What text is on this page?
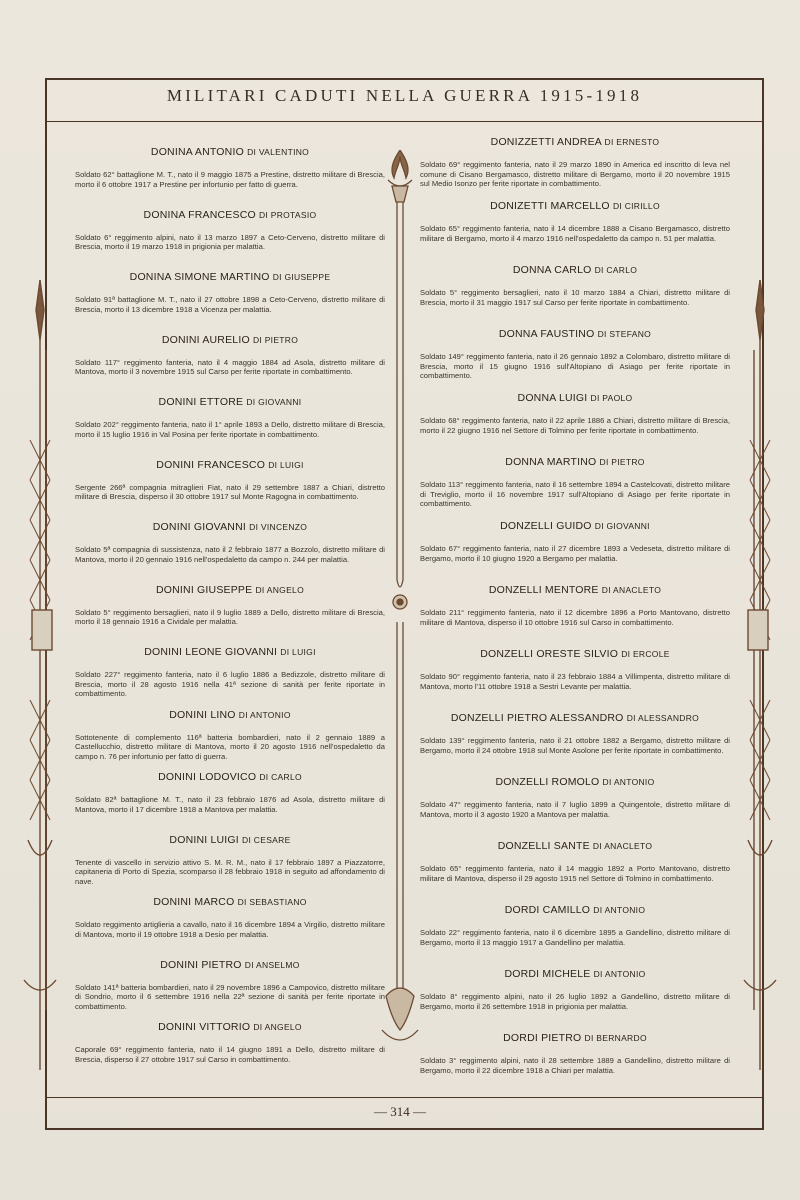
MILITARI CADUTI NELLA GUERRA 1915-1918
DONINA ANTONIO DI VALENTINO
Soldato 62° battaglione M. T., nato il 9 maggio 1875 a Prestine, distretto militare di Brescia, morto il 6 ottobre 1917 a Prestine per infortunio per fatto di guerra.
DONINA FRANCESCO DI PROTASIO
Soldato 6° reggimento alpini, nato il 13 marzo 1897 a Ceto-Cerveno, distretto militare di Brescia, morto il 19 marzo 1918 in prigionia per malattia.
DONINA SIMONE MARTINO DI GIUSEPPE
Soldato 91ª battaglione M. T., nato il 27 ottobre 1898 a Ceto-Cerveno, distretto militare di Brescia, morto il 13 dicembre 1918 a Vicenza per malattia.
DONINI AURELIO DI PIETRO
Soldato 117° reggimento fanteria, nato il 4 maggio 1884 ad Asola, distretto militare di Mantova, morto il 3 novembre 1915 sul Carso per ferite riportate in combattimento.
DONINI ETTORE DI GIOVANNI
Soldato 202° reggimento fanteria, nato il 1° aprile 1893 a Dello, distretto militare di Brescia, morto il 15 luglio 1916 in Val Posina per ferite riportate in combattimento.
DONINI FRANCESCO DI LUIGI
Sergente 266ª compagnia mitraglieri Fiat, nato il 29 settembre 1887 a Chiari, distretto militare di Brescia, disperso il 30 ottobre 1917 sul Monte Ragogna in combattimento.
DONINI GIOVANNI DI VINCENZO
Soldato 5ª compagnia di sussistenza, nato il 2 febbraio 1877 a Bozzolo, distretto militare di Mantova, morto il 20 gennaio 1916 nell'ospedaletto da campo n. 244 per malattia.
DONINI GIUSEPPE DI ANGELO
Soldato 5° reggimento bersaglieri, nato il 9 luglio 1889 a Dello, distretto militare di Brescia, morto il 18 gennaio 1916 a Cividale per malattia.
DONINI LEONE GIOVANNI DI LUIGI
Soldato 227° reggimento fanteria, nato il 6 luglio 1886 a Bedizzole, distretto militare di Brescia, morto il 28 agosto 1916 nella 41ª sezione di sanità per ferite riportate in combattimento.
DONINI LINO DI ANTONIO
Sottotenente di complemento 116ª batteria bombardieri, nato il 2 gennaio 1889 a Castellucchio, distretto militare di Mantova, morto il 20 agosto 1916 nell'ospedaletto da campo n. 76 per infortunio per fatto di guerra.
DONINI LODOVICO DI CARLO
Soldato 82ª battaglione M. T., nato il 23 febbraio 1876 ad Asola, distretto militare di Mantova, morto il 17 dicembre 1918 a Mantova per malattia.
DONINI LUIGI DI CESARE
Tenente di vascello in servizio attivo S. M. R. M., nato il 17 febbraio 1897 a Piazzatorre, capitaneria di Porto di Spezia, scomparso il 28 febbraio 1918 in seguito ad affondamento di nave.
DONINI MARCO DI SEBASTIANO
Soldato reggimento artiglieria a cavallo, nato il 16 dicembre 1894 a Virgilio, distretto militare di Mantova, morto il 19 ottobre 1918 a Desio per malattia.
DONINI PIETRO DI ANSELMO
Soldato 141ª batteria bombardieri, nato il 29 novembre 1896 a Campovico, distretto militare di Sondrio, morto il 6 settembre 1916 nella 22ª sezione di sanità per ferite riportate in combattimento.
DONINI VITTORIO DI ANGELO
Caporale 69° reggimento fanteria, nato il 14 giugno 1891 a Dello, distretto militare di Brescia, disperso il 27 ottobre 1917 sul Carso in combattimento.
DONIZZETTI ANDREA DI ERNESTO
Soldato 69° reggimento fanteria, nato il 29 marzo 1890 in America ed inscritto di leva nel comune di Cisano Bergamasco, distretto militare di Bergamo, morto il 20 novembre 1915 sul Medio Isonzo per ferite riportate in combattimento.
DONIZETTI MARCELLO DI CIRILLO
Soldato 65° reggimento fanteria, nato il 14 dicembre 1888 a Cisano Bergamasco, distretto militare di Bergamo, morto il 4 marzo 1916 nell'ospedaletto da campo n. 51 per malattia.
DONNA CARLO DI CARLO
Soldato 5° reggimento bersaglieri, nato il 10 marzo 1884 a Chiari, distretto militare di Brescia, morto il 31 maggio 1917 sul Carso per ferite riportate in combattimento.
DONNA FAUSTINO DI STEFANO
Soldato 149° reggimento fanteria, nato il 26 gennaio 1892 a Colombaro, distretto militare di Brescia, morto il 15 giugno 1916 sull'Altopiano di Asiago per ferite riportate in combattimento.
DONNA LUIGI DI PAOLO
Soldato 68° reggimento fanteria, nato il 22 aprile 1886 a Chiari, distretto militare di Brescia, morto il 22 giugno 1916 nel Settore di Tolmino per ferite riportate in combattimento.
DONNA MARTINO DI PIETRO
Soldato 113° reggimento fanteria, nato il 16 settembre 1894 a Castelcovati, distretto militare di Treviglio, morto il 16 novembre 1917 sull'Altopiano di Asiago per ferite riportate in combattimento.
DONZELLI GUIDO DI GIOVANNI
Soldato 67° reggimento fanteria, nato il 27 dicembre 1893 a Vedeseta, distretto militare di Bergamo, morto il 10 giugno 1920 a Bergamo per malattia.
DONZELLI MENTORE DI ANACLETO
Soldato 211° reggimento fanteria, nato il 12 dicembre 1896 a Porto Mantovano, distretto militare di Mantova, disperso il 10 ottobre 1916 sul Carso in combattimento.
DONZELLI ORESTE SILVIO DI ERCOLE
Soldato 90° reggimento fanteria, nato il 23 febbraio 1884 a Villimpenta, distretto militare di Mantova, morto l'11 ottobre 1918 a Sestri Levante per malattia.
DONZELLI PIETRO ALESSANDRO DI ALESSANDRO
Soldato 139° reggimento fanteria, nato il 21 ottobre 1882 a Bergamo, distretto militare di Bergamo, morto il 24 ottobre 1918 sul Monte Asolone per ferite riportate in combattimento.
DONZELLI ROMOLO DI ANTONIO
Soldato 47° reggimento fanteria, nato il 7 luglio 1899 a Quingentole, distretto militare di Mantova, morto il 3 agosto 1920 a Mantova per malattia.
DONZELLI SANTE DI ANACLETO
Soldato 65° reggimento fanteria, nato il 14 maggio 1892 a Porto Mantovano, distretto militare di Mantova, disperso il 29 agosto 1915 nel Settore di Tolmino in combattimento.
DORDI CAMILLO DI ANTONIO
Soldato 22° reggimento fanteria, nato il 6 dicembre 1895 a Gandellino, distretto militare di Bergamo, morto il 13 maggio 1917 a Gandellino per malattia.
DORDI MICHELE DI ANTONIO
Soldato 8° reggimento alpini, nato il 26 luglio 1892 a Gandellino, distretto militare di Bergamo, morto il 26 settembre 1918 in prigionia per malattia.
DORDI PIETRO DI BERNARDO
Soldato 3° reggimento alpini, nato il 28 settembre 1889 a Gandellino, distretto militare di Bergamo, morto il 22 dicembre 1918 a Chiari per malattia.
— 314 —
